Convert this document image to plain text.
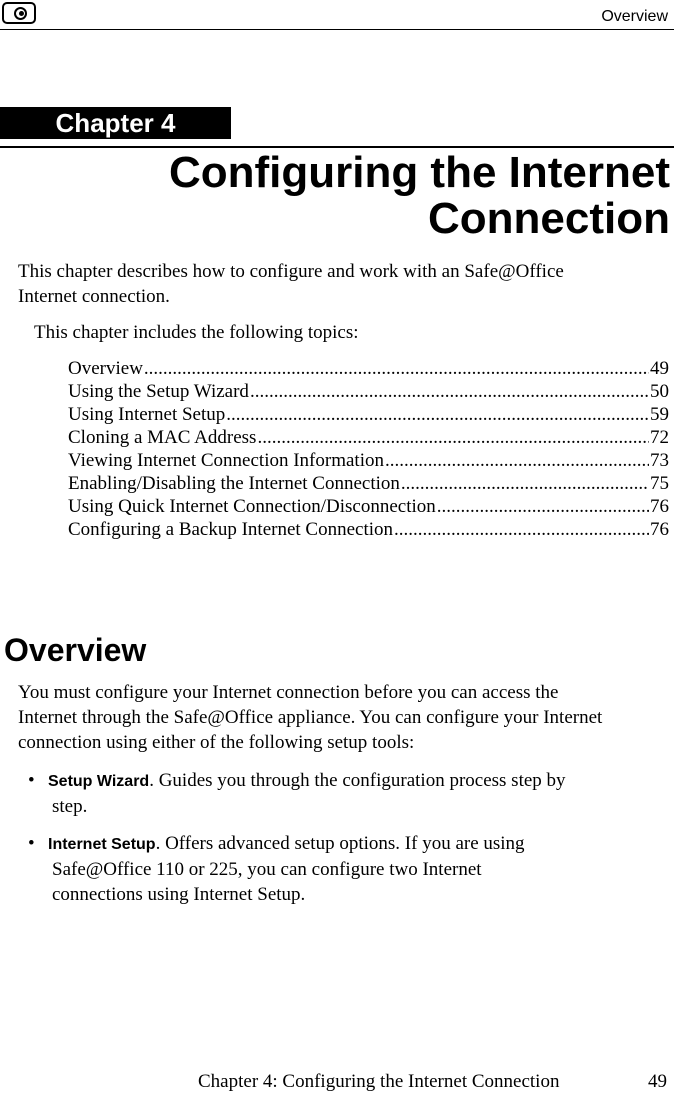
Overview
Chapter 4
Configuring the Internet
Connection
This chapter describes how to configure and work with an Safe@Office
Internet connection.
This chapter includes the following topics:
Overview .....	49
Using the Setup Wizard .....	50
Using Internet Setup .....	59
Cloning a MAC Address .....	72
Viewing Internet Connection Information .....	73
Enabling/Disabling the Internet Connection .....	75
Using Quick Internet Connection/Disconnection .....	76
Configuring a Backup Internet Connection .....	76
Overview
You must configure your Internet connection before you can access the
Internet through the Safe@Office appliance. You can configure your Internet
connection using either of the following setup tools:
• Setup Wizard. Guides you through the configuration process step by
step.
• Internet Setup. Offers advanced setup options. If you are using
Safe@Office 110 or 225, you can configure two Internet
connections using Internet Setup.
Chapter 4: Configuring the Internet Connection	49
